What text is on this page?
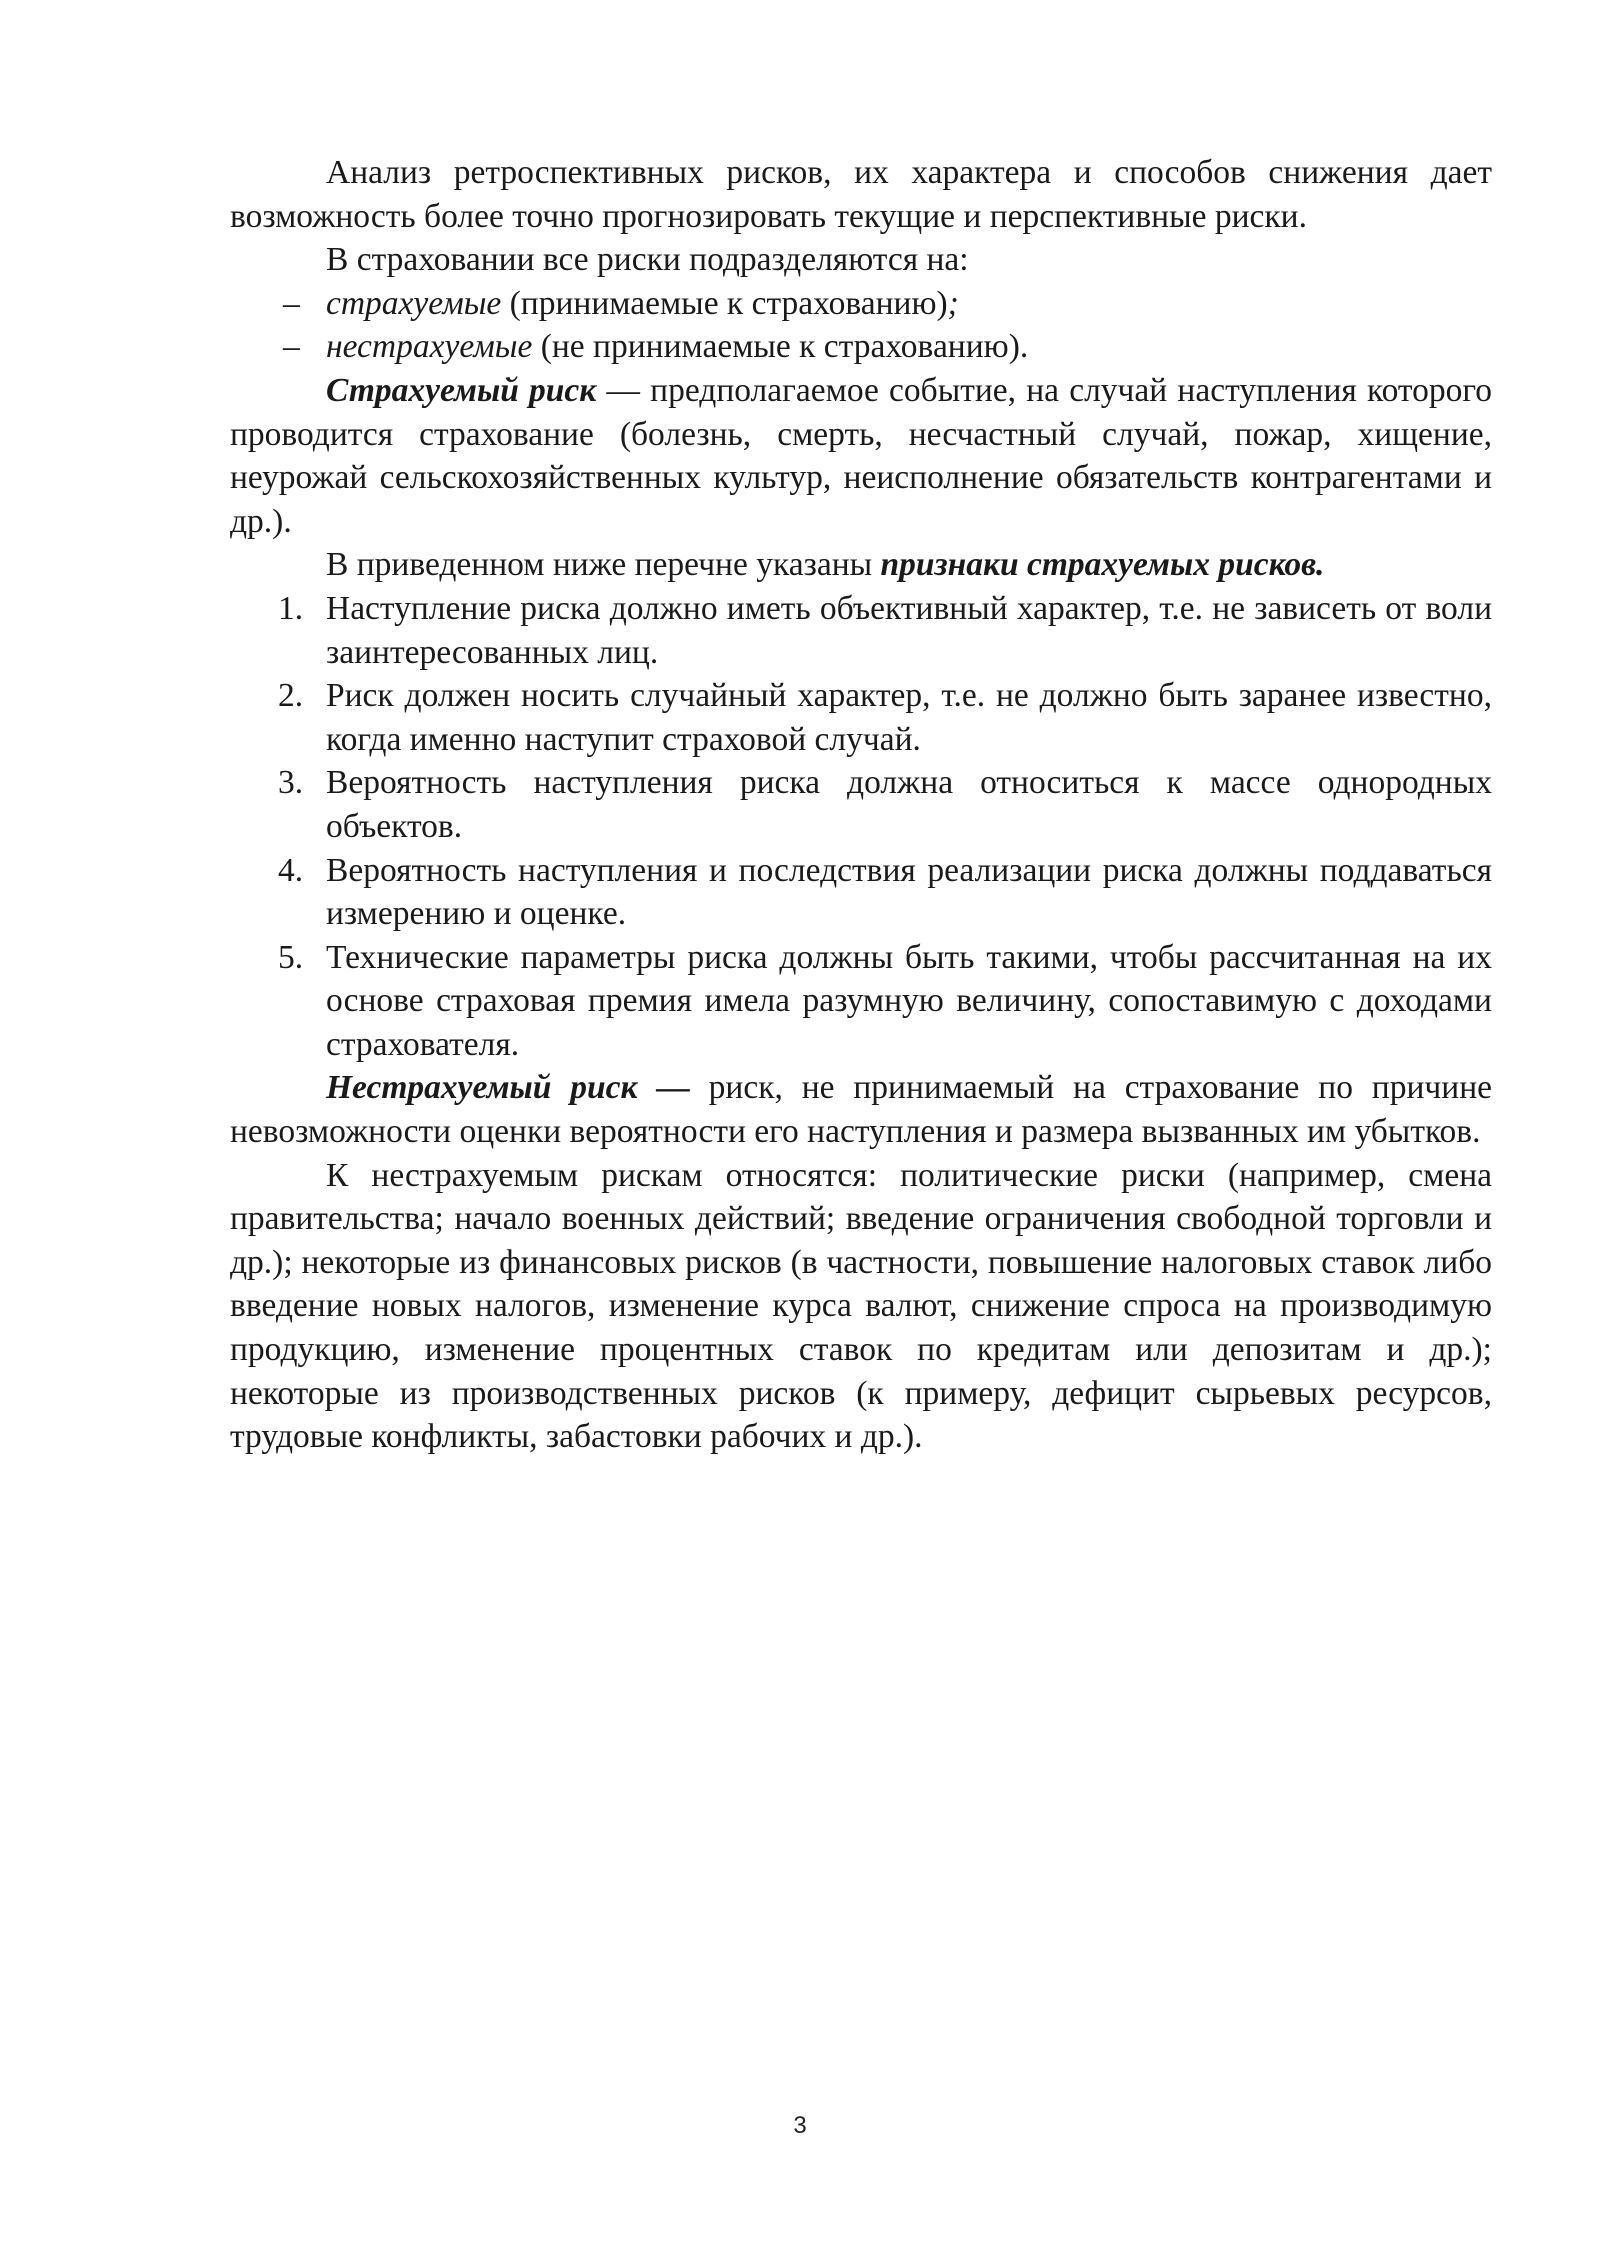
Анализ ретроспективных рисков, их характера и способов снижения дает возможность более точно прогнозировать текущие и перспективные риски.

В страховании все риски подразделяются на:

– страхуемые (принимаемые к страхованию);

– нестрахуемые (не принимаемые к страхованию).

Страхуемый риск — предполагаемое событие, на случай наступления которого проводится страхование (болезнь, смерть, несчастный случай, пожар, хищение, неурожай сельскохозяйственных культур, неисполнение обязательств контрагентами и др.).

В приведенном ниже перечне указаны признаки страхуемых рисков.

1. Наступление риска должно иметь объективный характер, т.е. не зависеть от воли заинтересованных лиц.

2. Риск должен носить случайный характер, т.е. не должно быть заранее известно, когда именно наступит страховой случай.

3. Вероятность наступления риска должна относиться к массе однородных объектов.

4. Вероятность наступления и последствия реализации риска должны поддаваться измерению и оценке.

5. Технические параметры риска должны быть такими, чтобы рассчитанная на их основе страховая премия имела разумную величину, сопоставимую с доходами страхователя.

Нестрахуемый риск — риск, не принимаемый на страхование по причине невозможности оценки вероятности его наступления и размера вызванных им убытков.

К нестрахуемым рискам относятся: политические риски (например, смена правительства; начало военных действий; введение ограничения свободной торговли и др.); некоторые из финансовых рисков (в частности, повышение налоговых ставок либо введение новых налогов, изменение курса валют, снижение спроса на производимую продукцию, изменение процентных ставок по кредитам или депозитам и др.); некоторые из производственных рисков (к примеру, дефицит сырьевых ресурсов, трудовые конфликты, забастовки рабочих и др.).

3
